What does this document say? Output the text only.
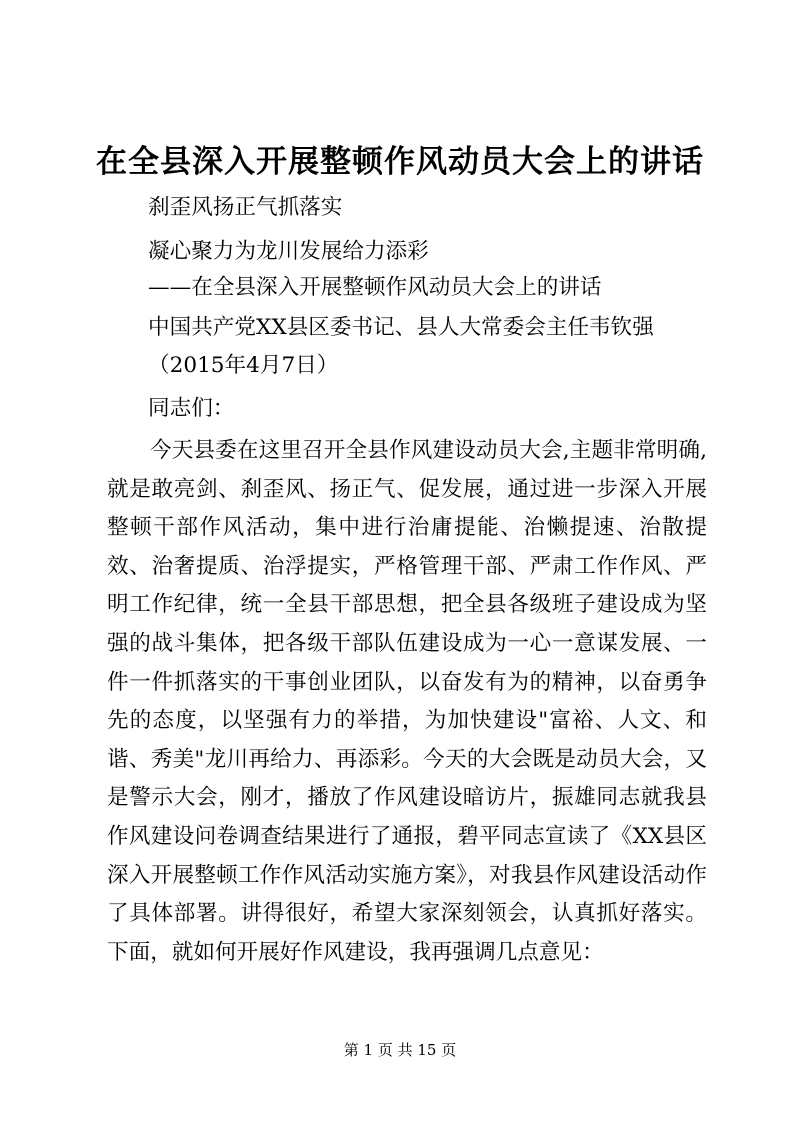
在全县深入开展整顿作风动员大会上的讲话
刹歪风扬正气抓落实
凝心聚力为龙川发展给力添彩
——在全县深入开展整顿作风动员大会上的讲话
中国共产党XX县区委书记、县人大常委会主任韦钦强
（2015年4月7日）
同志们：

今天县委在这里召开全县作风建设动员大会,主题非常明确,就是敢亮剑、刹歪风、扬正气、促发展，通过进一步深入开展整顿干部作风活动，集中进行治庸提能、治懒提速、治散提效、治奢提质、治浮提实，严格管理干部、严肃工作作风、严明工作纪律，统一全县干部思想，把全县各级班子建设成为坚强的战斗集体，把各级干部队伍建设成为一心一意谋发展、一件一件抓落实的干事创业团队，以奋发有为的精神，以奋勇争先的态度，以坚强有力的举措，为加快建设"富裕、人文、和谐、秀美"龙川再给力、再添彩。今天的大会既是动员大会，又是警示大会，刚才，播放了作风建设暗访片，振雄同志就我县作风建设问卷调查结果进行了通报，碧平同志宣读了《XX县区深入开展整顿工作作风活动实施方案》，对我县作风建设活动作了具体部署。讲得很好，希望大家深刻领会，认真抓好落实。下面，就如何开展好作风建设，我再强调几点意见：

第 1 页 共 15 页
